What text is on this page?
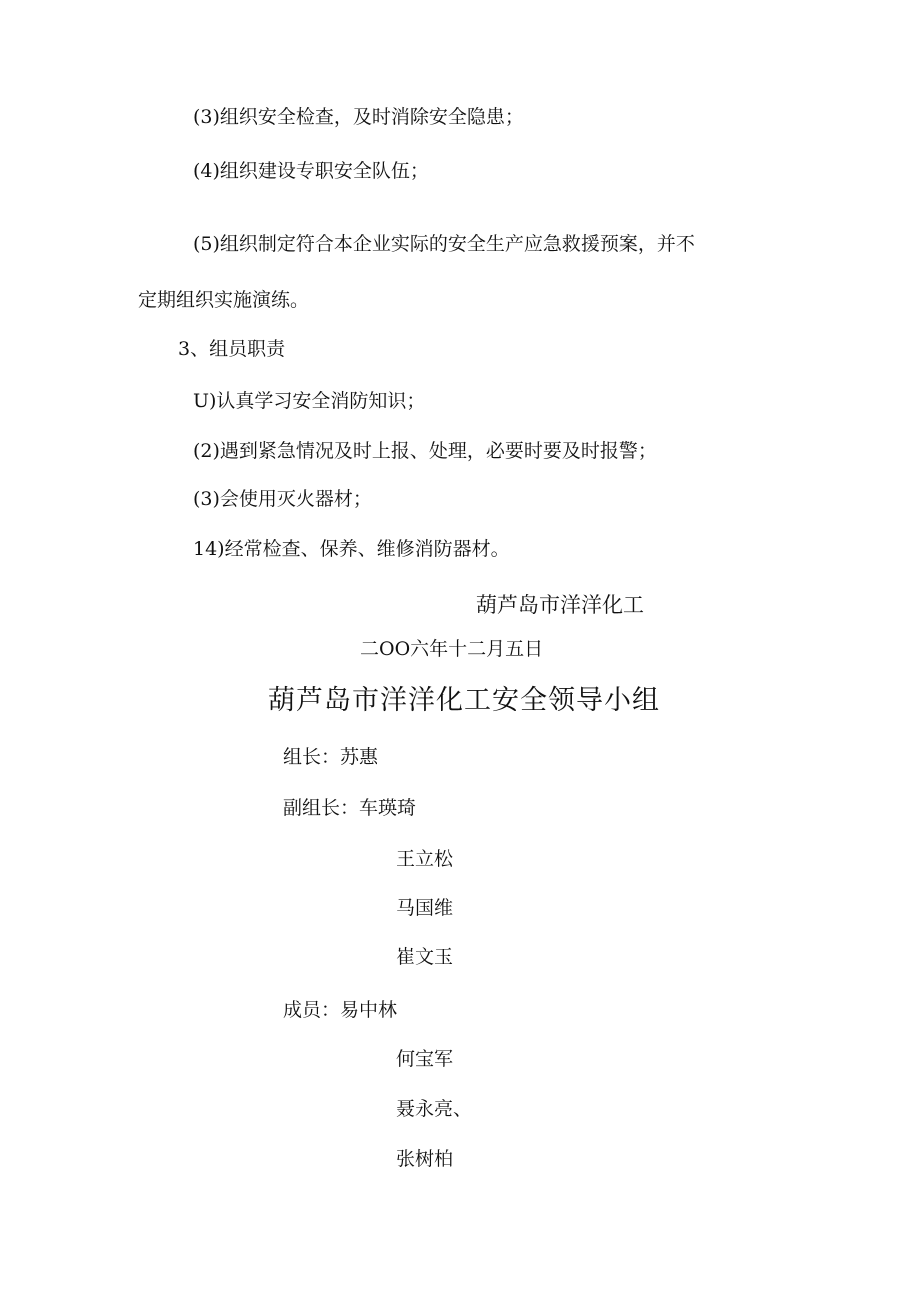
(3)组织安全检查，及时消除安全隐患；
(4)组织建设专职安全队伍；
(5)组织制定符合本企业实际的安全生产应急救援预案，并不
定期组织实施演练。
3、组员职责
U)认真学习安全消防知识；
(2)遇到紧急情况及时上报、处理，必要时要及时报警；
(3)会使用灭火器材；
14)经常检查、保养、维修消防器材。
葫芦岛市洋洋化工
二OO六年十二月五日
葫芦岛市洋洋化工安全领导小组
组长：苏惠
副组长：车瑛琦
王立松
马国维
崔文玉
成员：易中林
何宝军
聂永亮、
张树柏
